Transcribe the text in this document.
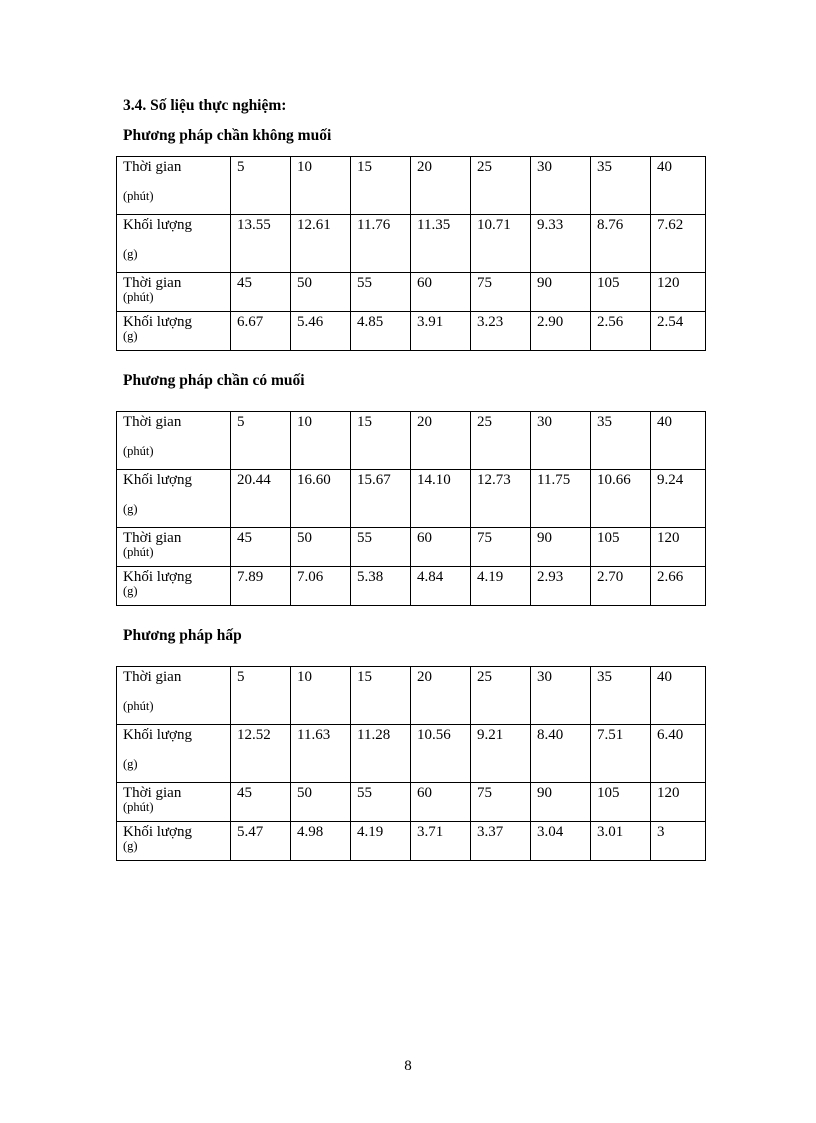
3.4. Số liệu thực nghiệm:
Phương pháp chần không muối
Thời gian
(phút)	5	10	15	20	25	30	35	40

Khối lượng
(g)	13.55	12.61	11.76	11.35	10.71	9.33	8.76	7.62

Thời gian
(phút)	45	50	55	60	75	90	105	120

Khối lượng
(g)	6.67	5.46	4.85	3.91	3.23	2.90	2.56	2.54
Phương pháp chần có muối
Thời gian
(phút)	5	10	15	20	25	30	35	40

Khối lượng
(g)	20.44	16.60	15.67	14.10	12.73	11.75	10.66	9.24

Thời gian
(phút)	45	50	55	60	75	90	105	120

Khối lượng
(g)	7.89	7.06	5.38	4.84	4.19	2.93	2.70	2.66
Phương pháp hấp
Thời gian
(phút)	5	10	15	20	25	30	35	40

Khối lượng
(g)	12.52	11.63	11.28	10.56	9.21	8.40	7.51	6.40

Thời gian
(phút)	45	50	55	60	75	90	105	120

Khối lượng
(g)	5.47	4.98	4.19	3.71	3.37	3.04	3.01	3
8
